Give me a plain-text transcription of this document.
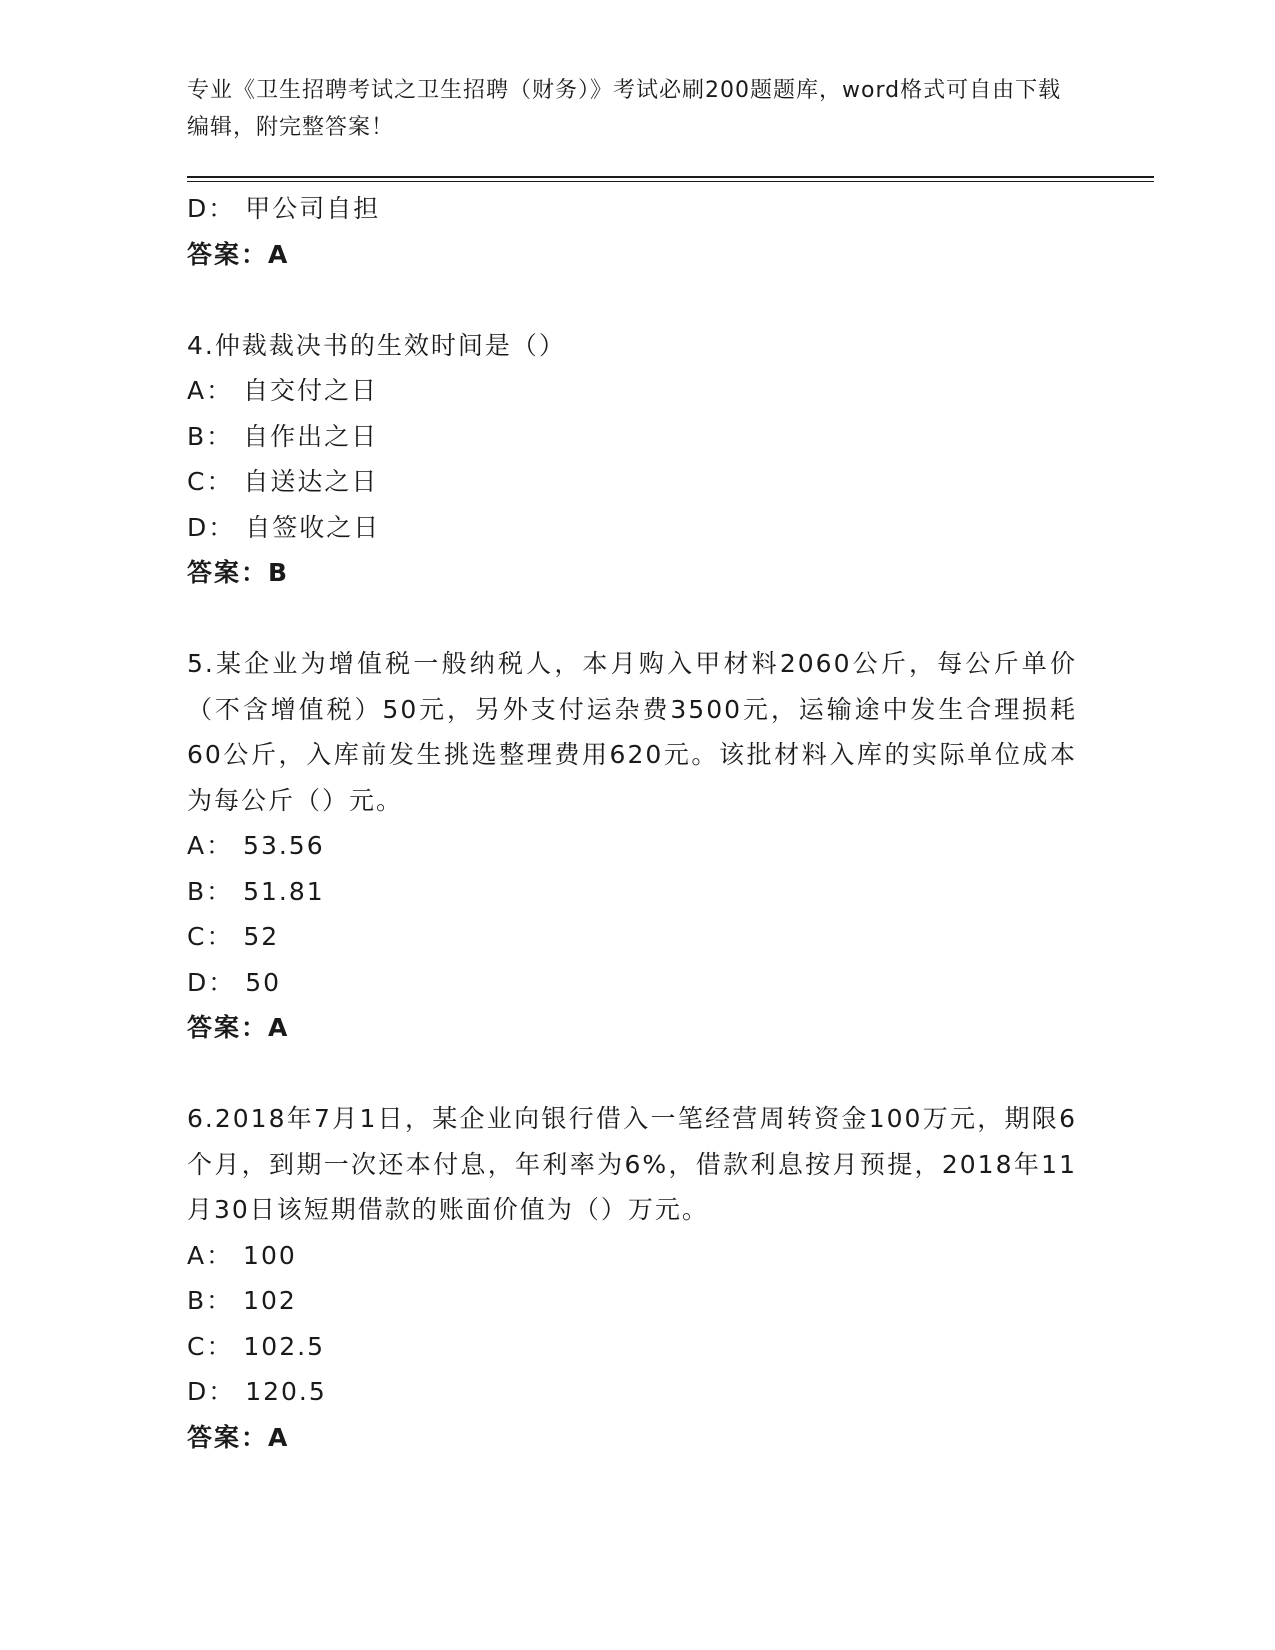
专业《卫生招聘考试之卫生招聘（财务）》考试必刷200题题库，word格式可自由下载编辑，附完整答案！
D： 甲公司自担
答案：A
4.仲裁裁决书的生效时间是（）
A： 自交付之日
B： 自作出之日
C： 自送达之日
D： 自签收之日
答案：B
5.某企业为增值税一般纳税人，本月购入甲材料2060公斤，每公斤单价（不含增值税）50元，另外支付运杂费3500元，运输途中发生合理损耗60公斤，入库前发生挑选整理费用620元。该批材料入库的实际单位成本为每公斤（）元。
A： 53.56
B： 51.81
C： 52
D： 50
答案：A
6.2018年7月1日，某企业向银行借入一笔经营周转资金100万元，期限6个月，到期一次还本付息，年利率为6%，借款利息按月预提，2018年11月30日该短期借款的账面价值为（）万元。
A： 100
B： 102
C： 102.5
D： 120.5
答案：A
